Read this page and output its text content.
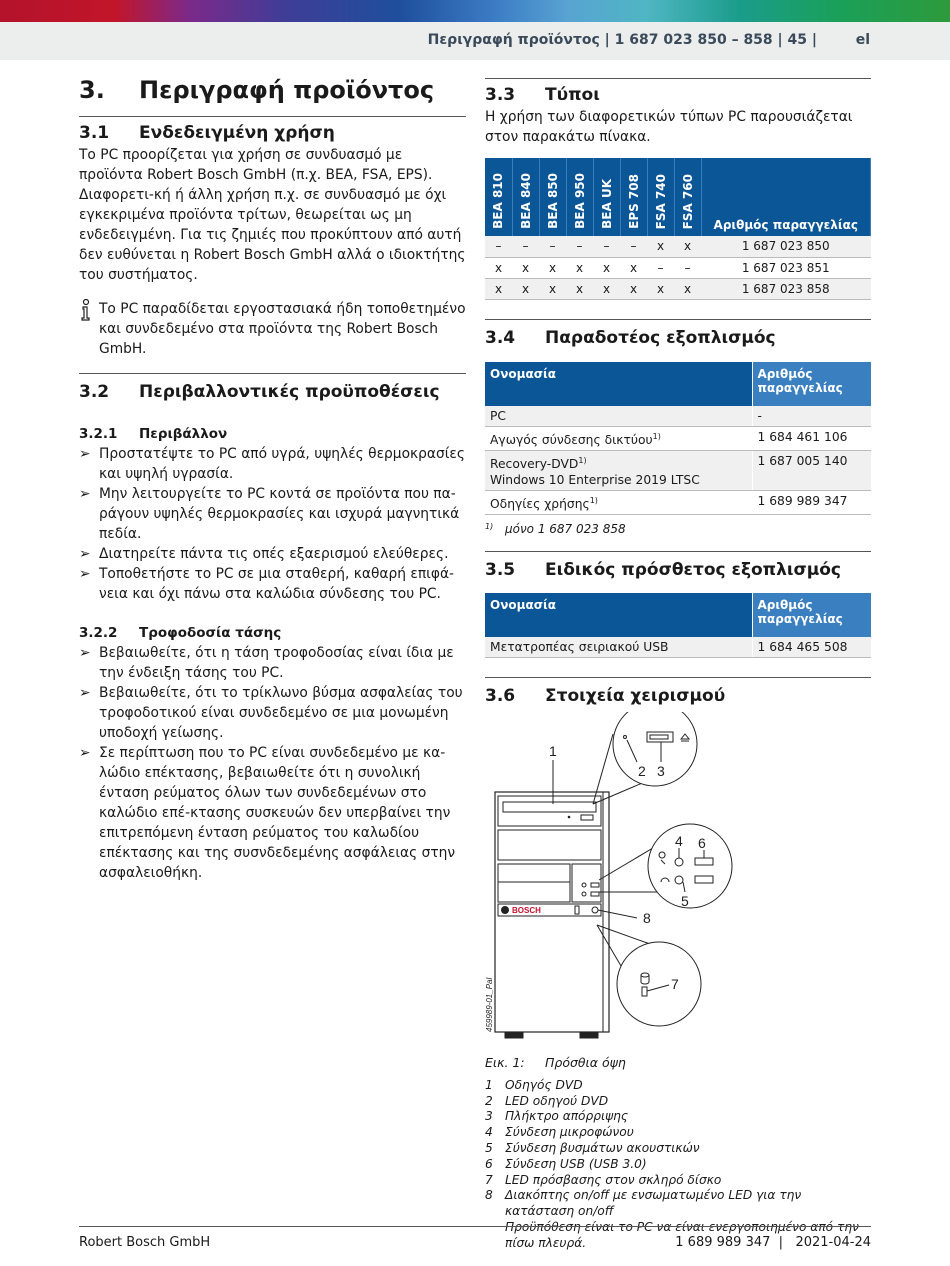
Περιγραφή προϊόντος | 1 687 023 850 – 858 | 45 |	el
3.	Περιγραφή προϊόντος
3.1	Ενδεδειγμένη χρήση

Το PC προορίζεται για χρήση σε συνδυασμό με προϊόντα Robert Bosch GmbH (π.χ. BEA, FSA, EPS). Διαφορετι-κή ή άλλη χρήση π.χ. σε συνδυασμό με όχι εγκεκριμένα προϊόντα τρίτων, θεωρείται ως μη ενδεδειγμένη. Για τις ζημιές που προκύπτουν από αυτή δεν ευθύνεται η Robert Bosch GmbH αλλά ο ιδιοκτήτης του συστήματος.

Το PC παραδίδεται εργοστασιακά ήδη τοποθετημένο και συνδεδεμένο στα προϊόντα της Robert Bosch GmbH.

3.2	Περιβαλλοντικές προϋποθέσεις
3.2.1	Περιβάλλον
➢ Προστατέψτε το PC από υγρά, υψηλές θερμοκρασίες και υψηλή υγρασία.
➢ Μην λειτουργείτε το PC κοντά σε προϊόντα που πα-ράγουν υψηλές θερμοκρασίες και ισχυρά μαγνητικά πεδία.
➢ Διατηρείτε πάντα τις οπές εξαερισμού ελεύθερες.
➢ Τοποθετήστε το PC σε μια σταθερή, καθαρή επιφά-νεια και όχι πάνω στα καλώδια σύνδεσης του PC.
3.2.2	Τροφοδοσία τάσης
➢ Βεβαιωθείτε, ότι η τάση τροφοδοσίας είναι ίδια με την ένδειξη τάσης του PC.
➢ Βεβαιωθείτε, ότι το τρίκλωνο βύσμα ασφαλείας του τροφοδοτικού είναι συνδεδεμένο σε μια μονωμένη υποδοχή γείωσης.
➢ Σε περίπτωση που το PC είναι συνδεδεμένο με κα-λώδιο επέκτασης, βεβαιωθείτε ότι η συνολική ένταση ρεύματος όλων των συνδεδεμένων στο καλώδιο επέ-κτασης συσκευών δεν υπερβαίνει την επιτρεπόμενη ένταση ρεύματος του καλωδίου επέκτασης και της συσνδεδεμένης ασφάλειας στην ασφαλειοθήκη.
3.3	Τύποι

Η χρήση των διαφορετικών τύπων PC παρουσιάζεται στον παρακάτω πίνακα.

BEA 810	BEA 840	BEA 850	BEA 950	BEA UK	EPS 708	FSA 740	FSA 760	Αριθμός παραγγελίας
–	–	–	–	–	–	x	x	1 687 023 850
x	x	x	x	x	x	–	–	1 687 023 851
x	x	x	x	x	x	x	x	1 687 023 858
3.4	Παραδοτέος εξοπλισμός
Ονομασία	Αριθμός παραγγελίας
PC	-
Αγωγός σύνδεσης δικτύου$^{1)}$	1 684 461 106
Recovery-DVD$^{1)}$
Windows 10 Enterprise 2019 LTSC	1 687 005 140
Οδηγίες χρήσης$^{1)}$	1 689 989 347
$^{1)}$ μόνο 1 687 023 858
3.5	Ειδικός πρόσθετος εξοπλισμός
Ονομασία	Αριθμός παραγγελίας
Μετατροπέας σειριακού USB	1 684 465 508
3.6	Στοιχεία χειρισμού
BOSCH
1
2 3
4 6
5
8
7
459989-01_Pal
Εικ. 1:	Πρόσθια όψη
1	Οδηγός DVD
2	LED οδηγού DVD
3	Πλήκτρο απόρριψης
4	Σύνδεση μικροφώνου
5	Σύνδεση βυσμάτων ακουστικών
6	Σύνδεση USB (USB 3.0)
7	LED πρόσβασης στον σκληρό δίσκο
8	Διακόπτης on/off με ενσωματωμένο LED για την κατάσταση on/off
Προϋπόθεση είναι το PC να είναι ενεργοποιημένο από την πίσω πλευρά.
Robert Bosch GmbH	1 689 989 347  |   2021-04-24
